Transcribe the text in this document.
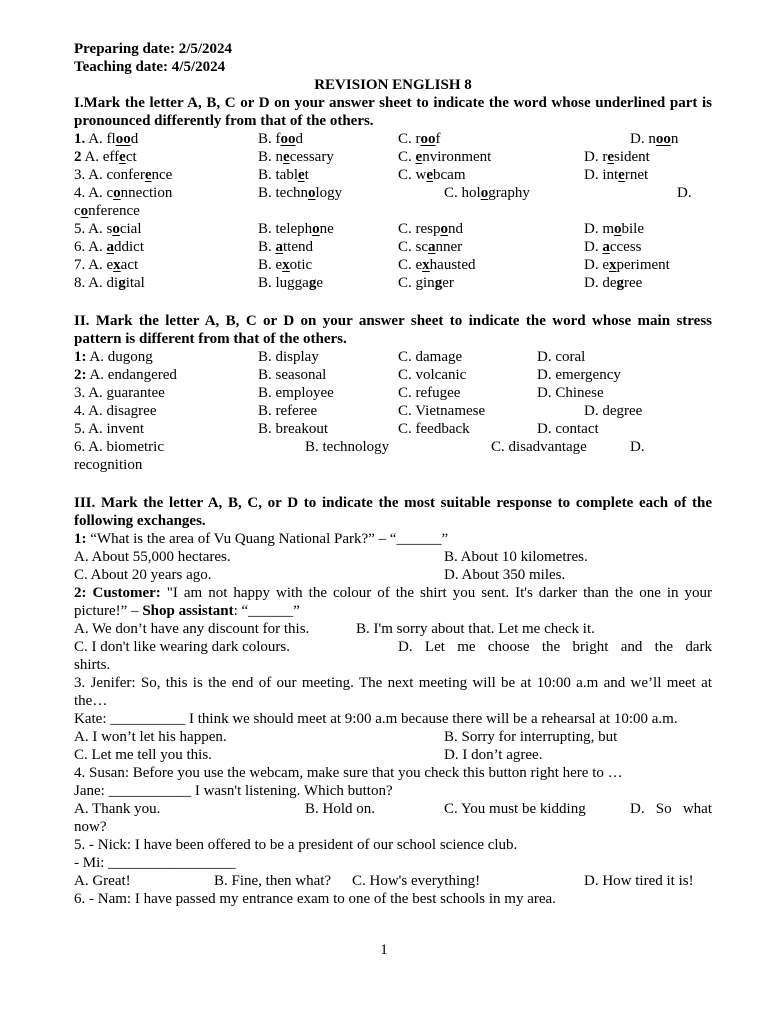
Preparing date: 2/5/2024
Teaching date: 4/5/2024
REVISION ENGLISH 8
I.Mark the letter A, B, C or D on your answer sheet to indicate the word whose underlined part is pronounced differently from that of the others.
1. A. flood	B. food	C. roof	D. noon
2 A. effect	B. necessary	C. environment	D. resident
3. A. conference	B. tablet	C. webcam	D. internet
4. A. connection	B. technology	C. holography	D.
conference
5. A. social	B. telephone	C. respond	D. mobile
6. A. addict	B. attend	C. scanner	D. access
7. A. exact	B. exotic	C. exhausted	D. experiment
8. A. digital	B. luggage	C. ginger	D. degree
II. Mark the letter A, B, C or D on your answer sheet to indicate the word whose main stress pattern is different from that of the others.
1: A. dugong	B. display	C. damage	D. coral
2: A. endangered	B. seasonal	C. volcanic	D. emergency
3. A. guarantee	B. employee	C. refugee	D. Chinese
4. A. disagree	B. referee	C. Vietnamese	D. degree
5. A. invent	B. breakout	C. feedback	D. contact
6. A. biometric	B. technology	C. disadvantage	D.
recognition
III. Mark the letter A, B, C, or D to indicate the most suitable response to complete each of the following exchanges.
1: “What is the area of Vu Quang National Park?” – “______”
A. About 55,000 hectares.	B. About 10 kilometres.
C. About 20 years ago.	D. About 350 miles.
2: Customer: "I am not happy with the colour of the shirt you sent. It's darker than the one in your picture!” – Shop assistant: “______”
A. We don’t have any discount for this.	B. I'm sorry about that. Let me check it.
C. I don't like wearing dark colours.	D. Let me choose the bright and the dark
shirts.
3. Jenifer: So, this is the end of our meeting. The next meeting will be at 10:00 a.m and we’ll meet at the…
Kate: __________ I think we should meet at 9:00 a.m because there will be a rehearsal at 10:00 a.m.
A. I won’t let his happen.	B. Sorry for interrupting, but
C. Let me tell you this.	D. I don’t agree.
4. Susan: Before you use the webcam, make sure that you check this button right here to …
Jane: ___________ I wasn't listening. Which button?
A. Thank you.	B. Hold on.	C. You must be kidding	D. So what
now?
5. - Nick: I have been offered to be a president of our school science club.
- Mi: _________________
A. Great!	B. Fine, then what? C. How's everything!	D. How tired it is!
6. - Nam: I have passed my entrance exam to one of the best schools in my area.
1
